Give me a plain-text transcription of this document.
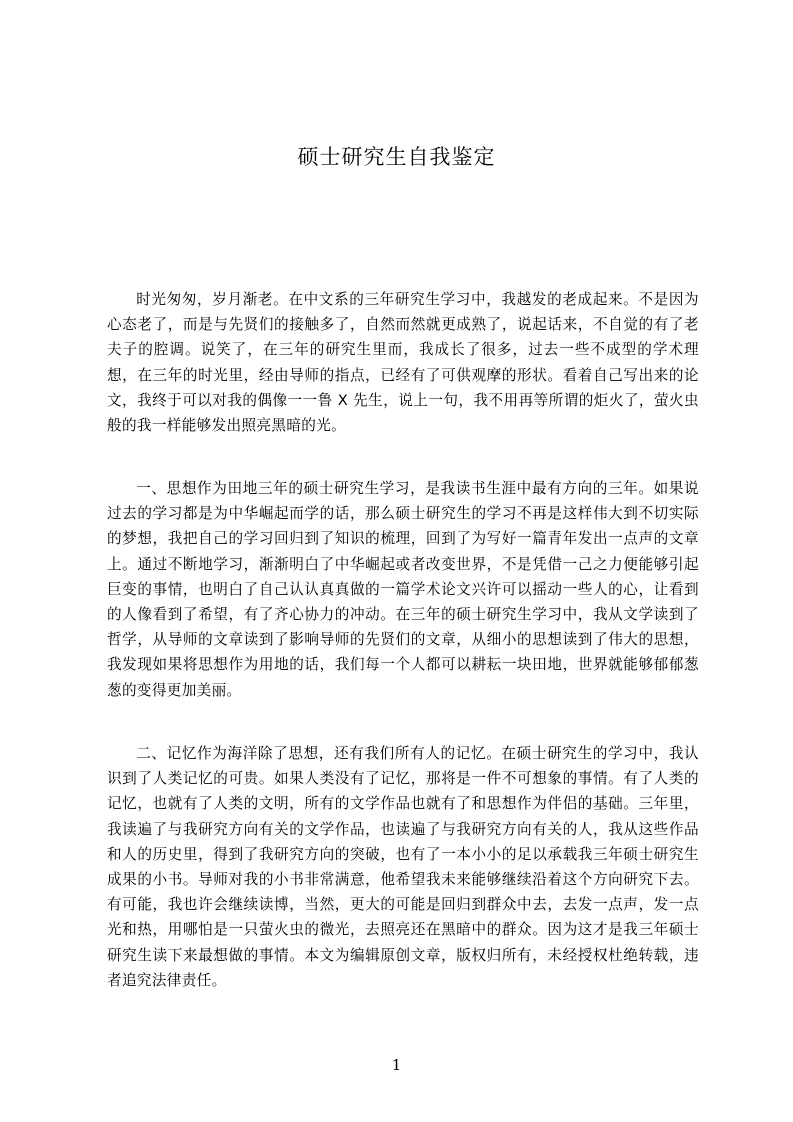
硕士研究生自我鉴定

时光匆匆，岁月渐老。在中文系的三年研究生学习中，我越发的老成起来。不是因为心态老了，而是与先贤们的接触多了，自然而然就更成熟了，说起话来，不自觉的有了老夫子的腔调。说笑了，在三年的研究生里而，我成长了很多，过去一些不成型的学术理想，在三年的时光里，经由导师的指点，已经有了可供观摩的形状。看着自己写出来的论文，我终于可以对我的偶像一一鲁 X 先生，说上一句，我不用再等所谓的炬火了，萤火虫般的我一样能够发出照亮黑暗的光。

一、思想作为田地三年的硕士研究生学习，是我读书生涯中最有方向的三年。如果说过去的学习都是为中华崛起而学的话，那么硕士研究生的学习不再是这样伟大到不切实际的梦想，我把自己的学习回归到了知识的梳理，回到了为写好一篇青年发出一点声的文章上。通过不断地学习，渐渐明白了中华崛起或者改变世界，不是凭借一己之力便能够引起巨变的事情，也明白了自己认认真真做的一篇学术论文兴许可以摇动一些人的心，让看到的人像看到了希望，有了齐心协力的冲动。在三年的硕士研究生学习中，我从文学读到了哲学，从导师的文章读到了影响导师的先贤们的文章，从细小的思想读到了伟大的思想，我发现如果将思想作为用地的话，我们每一个人都可以耕耘一块田地，世界就能够郁郁葱葱的变得更加美丽。

二、记忆作为海洋除了思想，还有我们所有人的记忆。在硕士研究生的学习中，我认识到了人类记忆的可贵。如果人类没有了记忆，那将是一件不可想象的事情。有了人类的记忆，也就有了人类的文明，所有的文学作品也就有了和思想作为伴侣的基础。三年里，我读遍了与我研究方向有关的文学作品，也读遍了与我研究方向有关的人，我从这些作品和人的历史里，得到了我研究方向的突破，也有了一本小小的足以承载我三年硕士研究生成果的小书。导师对我的小书非常满意，他希望我未来能够继续沿着这个方向研究下去。有可能，我也许会继续读博，当然，更大的可能是回归到群众中去，去发一点声，发一点光和热，用哪怕是一只萤火虫的微光，去照亮还在黑暗中的群众。因为这才是我三年硕士研究生读下来最想做的事情。本文为编辑原创文章，版权归所有，未经授权杜绝转载，违者追究法律责任。

1
